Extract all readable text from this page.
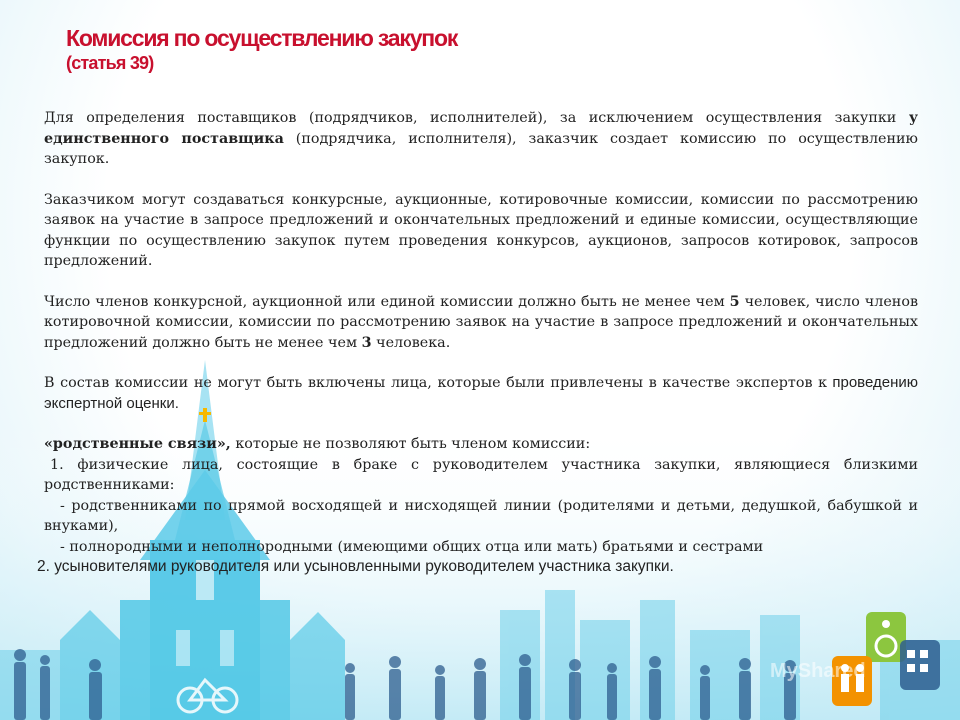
Комиссия по осуществлению закупок
(статья 39)

Для определения поставщиков (подрядчиков, исполнителей), за исключением осуществления закупки у единственного поставщика (подрядчика, исполнителя), заказчик создает комиссию по осуществлению закупок.

Заказчиком могут создаваться конкурсные, аукционные, котировочные комиссии, комиссии по рассмотрению заявок на участие в запросе предложений и окончательных предложений и единые комиссии, осуществляющие функции по осуществлению закупок путем проведения конкурсов, аукционов, запросов котировок, запросов предложений.

Число членов конкурсной, аукционной или единой комиссии должно быть не менее чем 5 человек, число членов котировочной комиссии, комиссии по рассмотрению заявок на участие в запросе предложений и окончательных предложений должно быть не менее чем 3 человека.

В состав комиссии не могут быть включены лица, которые были привлечены в качестве экспертов к проведению экспертной оценки.

«родственные связи», которые не позволяют быть членом комиссии:

1. физические лица, состоящие в браке с руководителем участника закупки, являющиеся близкими родственниками:

- родственниками по прямой восходящей и нисходящей линии (родителями и детьми, дедушкой, бабушкой и внуками),

- полнородными и неполнородными (имеющими общих отца или мать) братьями и сестрами

2. усыновителями руководителя или усыновленными руководителем участника закупки.
MyShared
